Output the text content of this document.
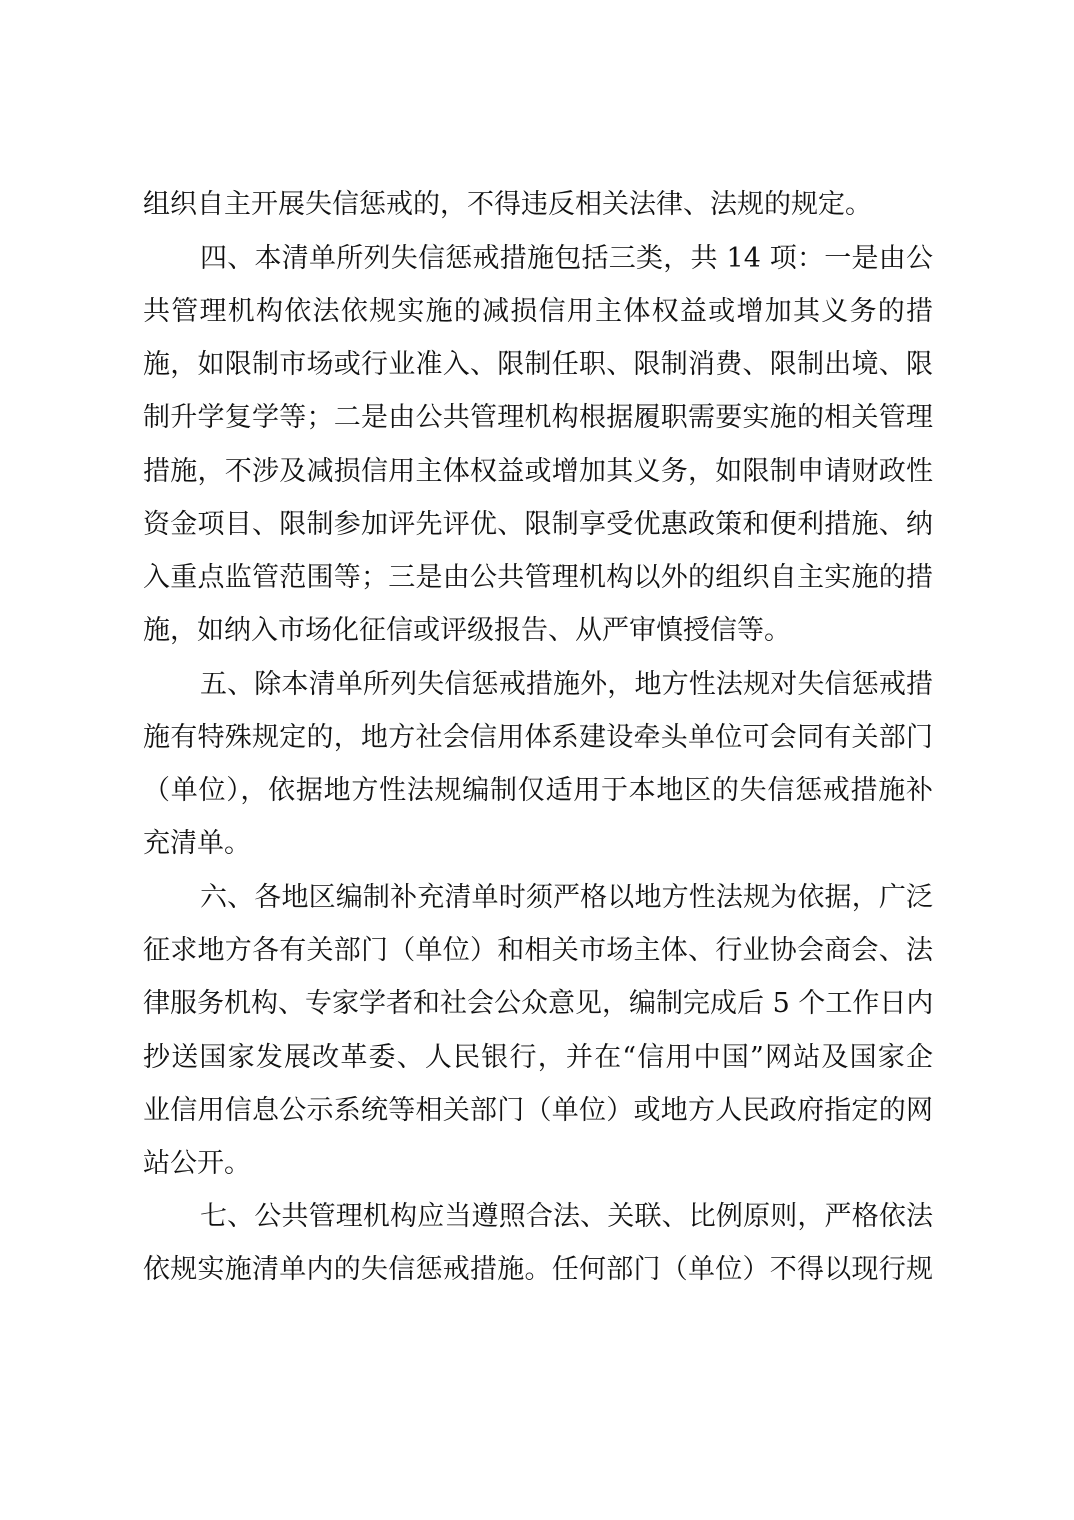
组织自主开展失信惩戒的，不得违反相关法律、法规的规定。
四、本清单所列失信惩戒措施包括三类，共 14 项：一是由公
共管理机构依法依规实施的减损信用主体权益或增加其义务的措
施，如限制市场或行业准入、限制任职、限制消费、限制出境、限
制升学复学等；二是由公共管理机构根据履职需要实施的相关管理
措施，不涉及减损信用主体权益或增加其义务，如限制申请财政性
资金项目、限制参加评先评优、限制享受优惠政策和便利措施、纳
入重点监管范围等；三是由公共管理机构以外的组织自主实施的措
施，如纳入市场化征信或评级报告、从严审慎授信等。
五、除本清单所列失信惩戒措施外，地方性法规对失信惩戒措
施有特殊规定的，地方社会信用体系建设牵头单位可会同有关部门
（单位），依据地方性法规编制仅适用于本地区的失信惩戒措施补
充清单。
六、各地区编制补充清单时须严格以地方性法规为依据，广泛
征求地方各有关部门（单位）和相关市场主体、行业协会商会、法
律服务机构、专家学者和社会公众意见，编制完成后 5 个工作日内
抄送国家发展改革委、人民银行，并在“信用中国”网站及国家企
业信用信息公示系统等相关部门（单位）或地方人民政府指定的网
站公开。
七、公共管理机构应当遵照合法、关联、比例原则，严格依法
依规实施清单内的失信惩戒措施。任何部门（单位）不得以现行规
